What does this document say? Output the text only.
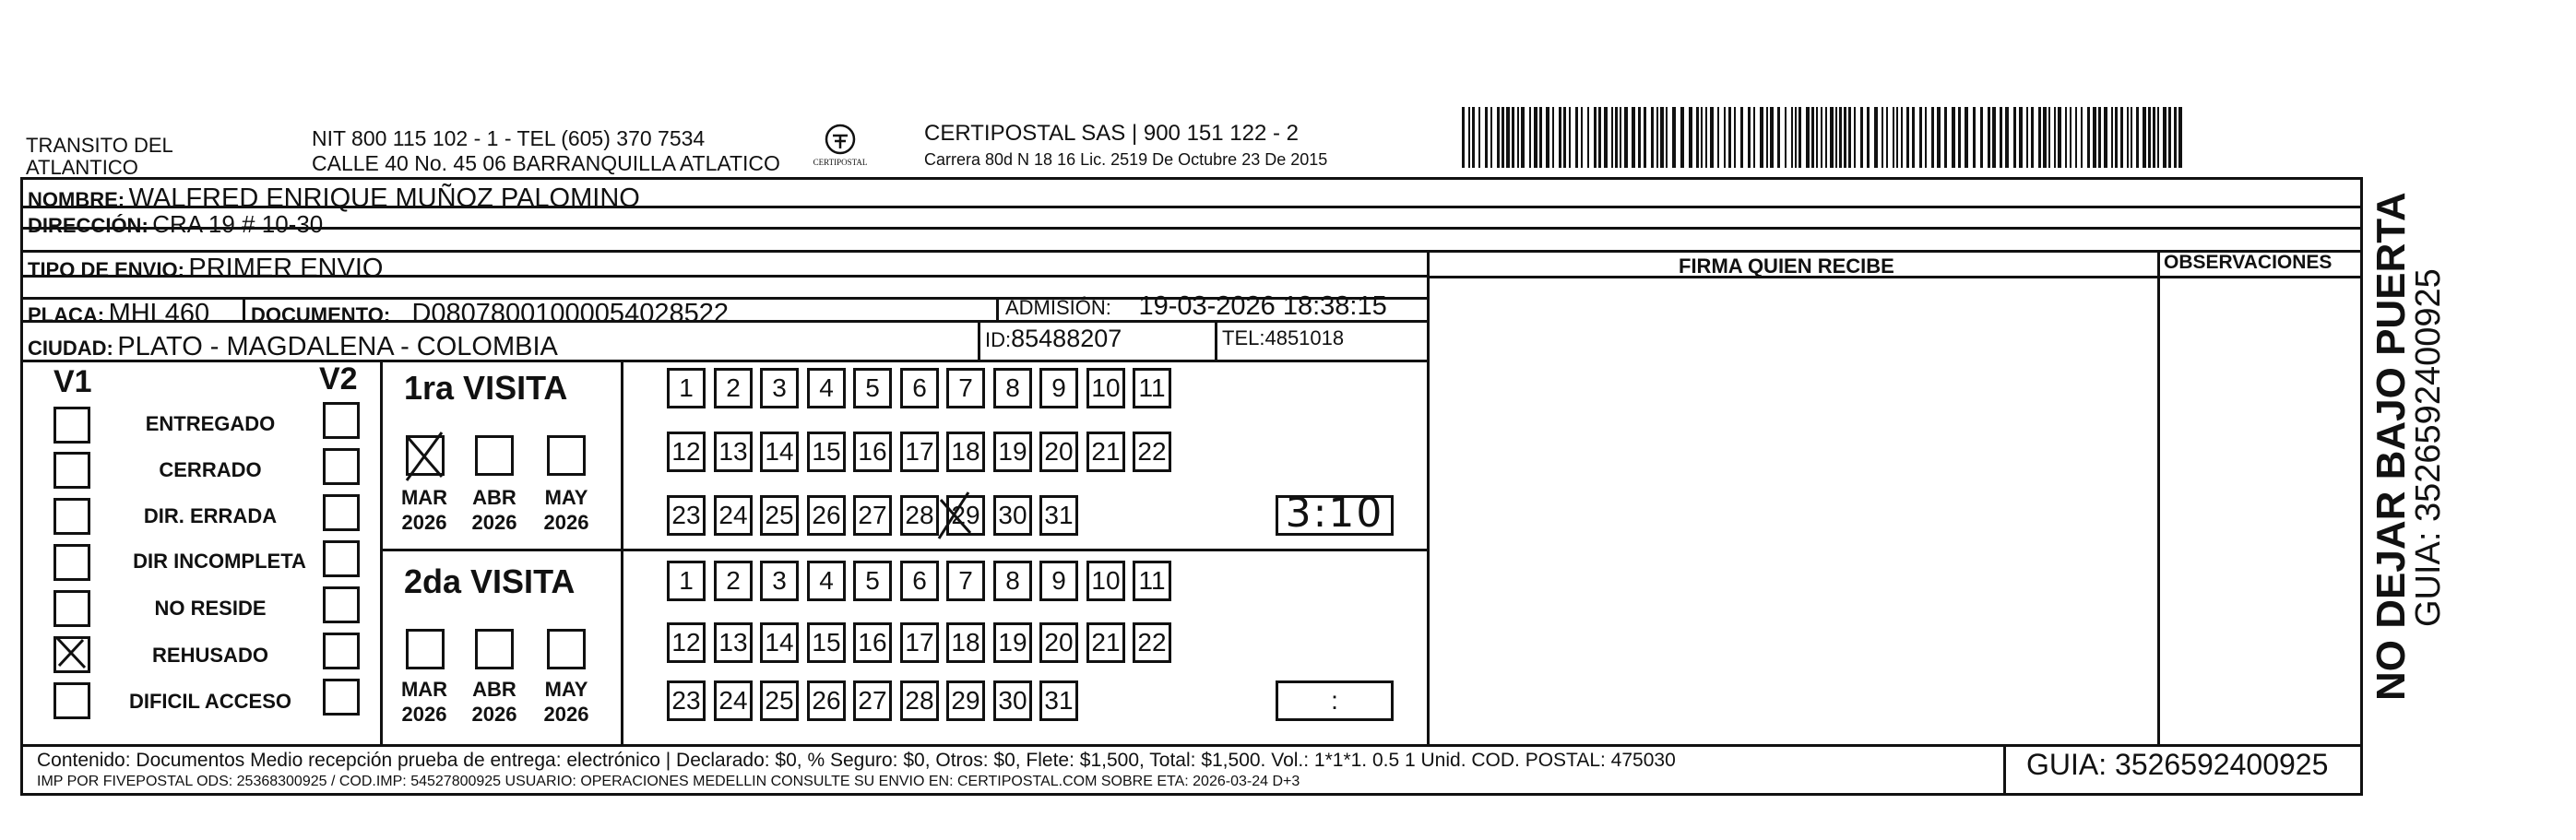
TRANSITO DEL
ATLANTICO
NIT 800 115 102 - 1 - TEL (605) 370 7534
CALLE 40 No. 45 06 BARRANQUILLA ATLATICO	CERTIPOSTAL
CERTIPOSTAL SAS | 900 151 122 - 2
Carrera 80d N 18 16 Lic. 2519 De Octubre 23 De 2015
NOMBRE: WALFRED ENRIQUE MUÑOZ PALOMINO
DIRECCIÓN: CRA 19 # 10-30
TIPO DE ENVIO: PRIMER ENVIO	FIRMA QUIEN RECIBE	OBSERVACIONES
PLACA: MHL460 DOCUMENTO: D08078001000054028522	ADMISIÓN: 19-03-2026 18:38:15
CIUDAD: PLATO - MAGDALENA - COLOMBIA	ID:85488207	TEL:4851018
V1	V2
ENTREGADO
CERRADO
DIR. ERRADA
DIR INCOMPLETA
NO RESIDE
REHUSADO
DIFICIL ACCESO
1ra VISITA
MAR
2026
ABR
2026
MAY
2026
1	2	3	4	5	6	7	8	9 10 11
12 13 14 15 16 17 18 19 20 21 22
23 24 25 26 27 28 29 30 31	3:10
2da VISITA
MAR
2026
ABR
2026
MAY
2026
1	2	3	4	5	6	7	8	9 10 11
12 13 14 15 16 17 18 19 20 21 22
23 24 25 26 27 28 29 30 31	:
Contenido: Documentos Medio recepción prueba de entrega: electrónico | Declarado: $0, % Seguro: $0, Otros: $0, Flete: $1,500, Total: $1,500. Vol.: 1*1*1. 0.5 1 Unid. COD. POSTAL: 475030
IMP POR FIVEPOSTAL ODS: 25368300925 / COD.IMP: 54527800925 USUARIO: OPERACIONES MEDELLIN CONSULTE SU ENVIO EN: CERTIPOSTAL.COM SOBRE ETA: 2026-03-24 D+3
GUIA: 3526592400925
NO DEJAR BAJO PUERTA
GUIA: 3526592400925
